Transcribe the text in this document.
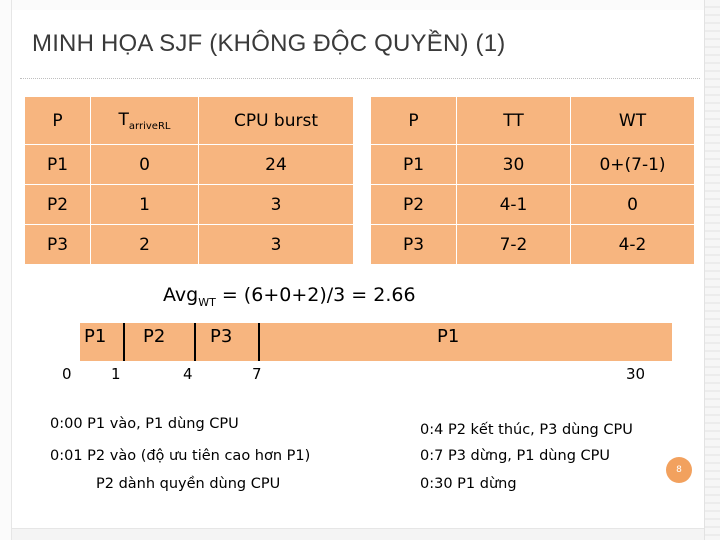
MINH HỌA SJF (KHÔNG ĐỘC QUYỀN) (1)
P	$T_{arriveRL}$	CPU burst
P1	0	24
P2	1	3
P3	2	3
P	TT	WT
P1	30	0+(7-1)
P2	4-1	0
P3	7-2	4-2
Avg$_{WT}$ = (6+0+2)/3 = 2.66
P1 P2 P3	P1
0	1	4	7	30
0:00 P1 vào, P1 dùng CPU
0:01 P2 vào (độ ưu tiên cao hơn P1)
P2 dành quyền dùng CPU
0:4 P2 kết thúc, P3 dùng CPU
0:7 P3 dừng, P1 dùng CPU
0:30 P1 dừng
8
